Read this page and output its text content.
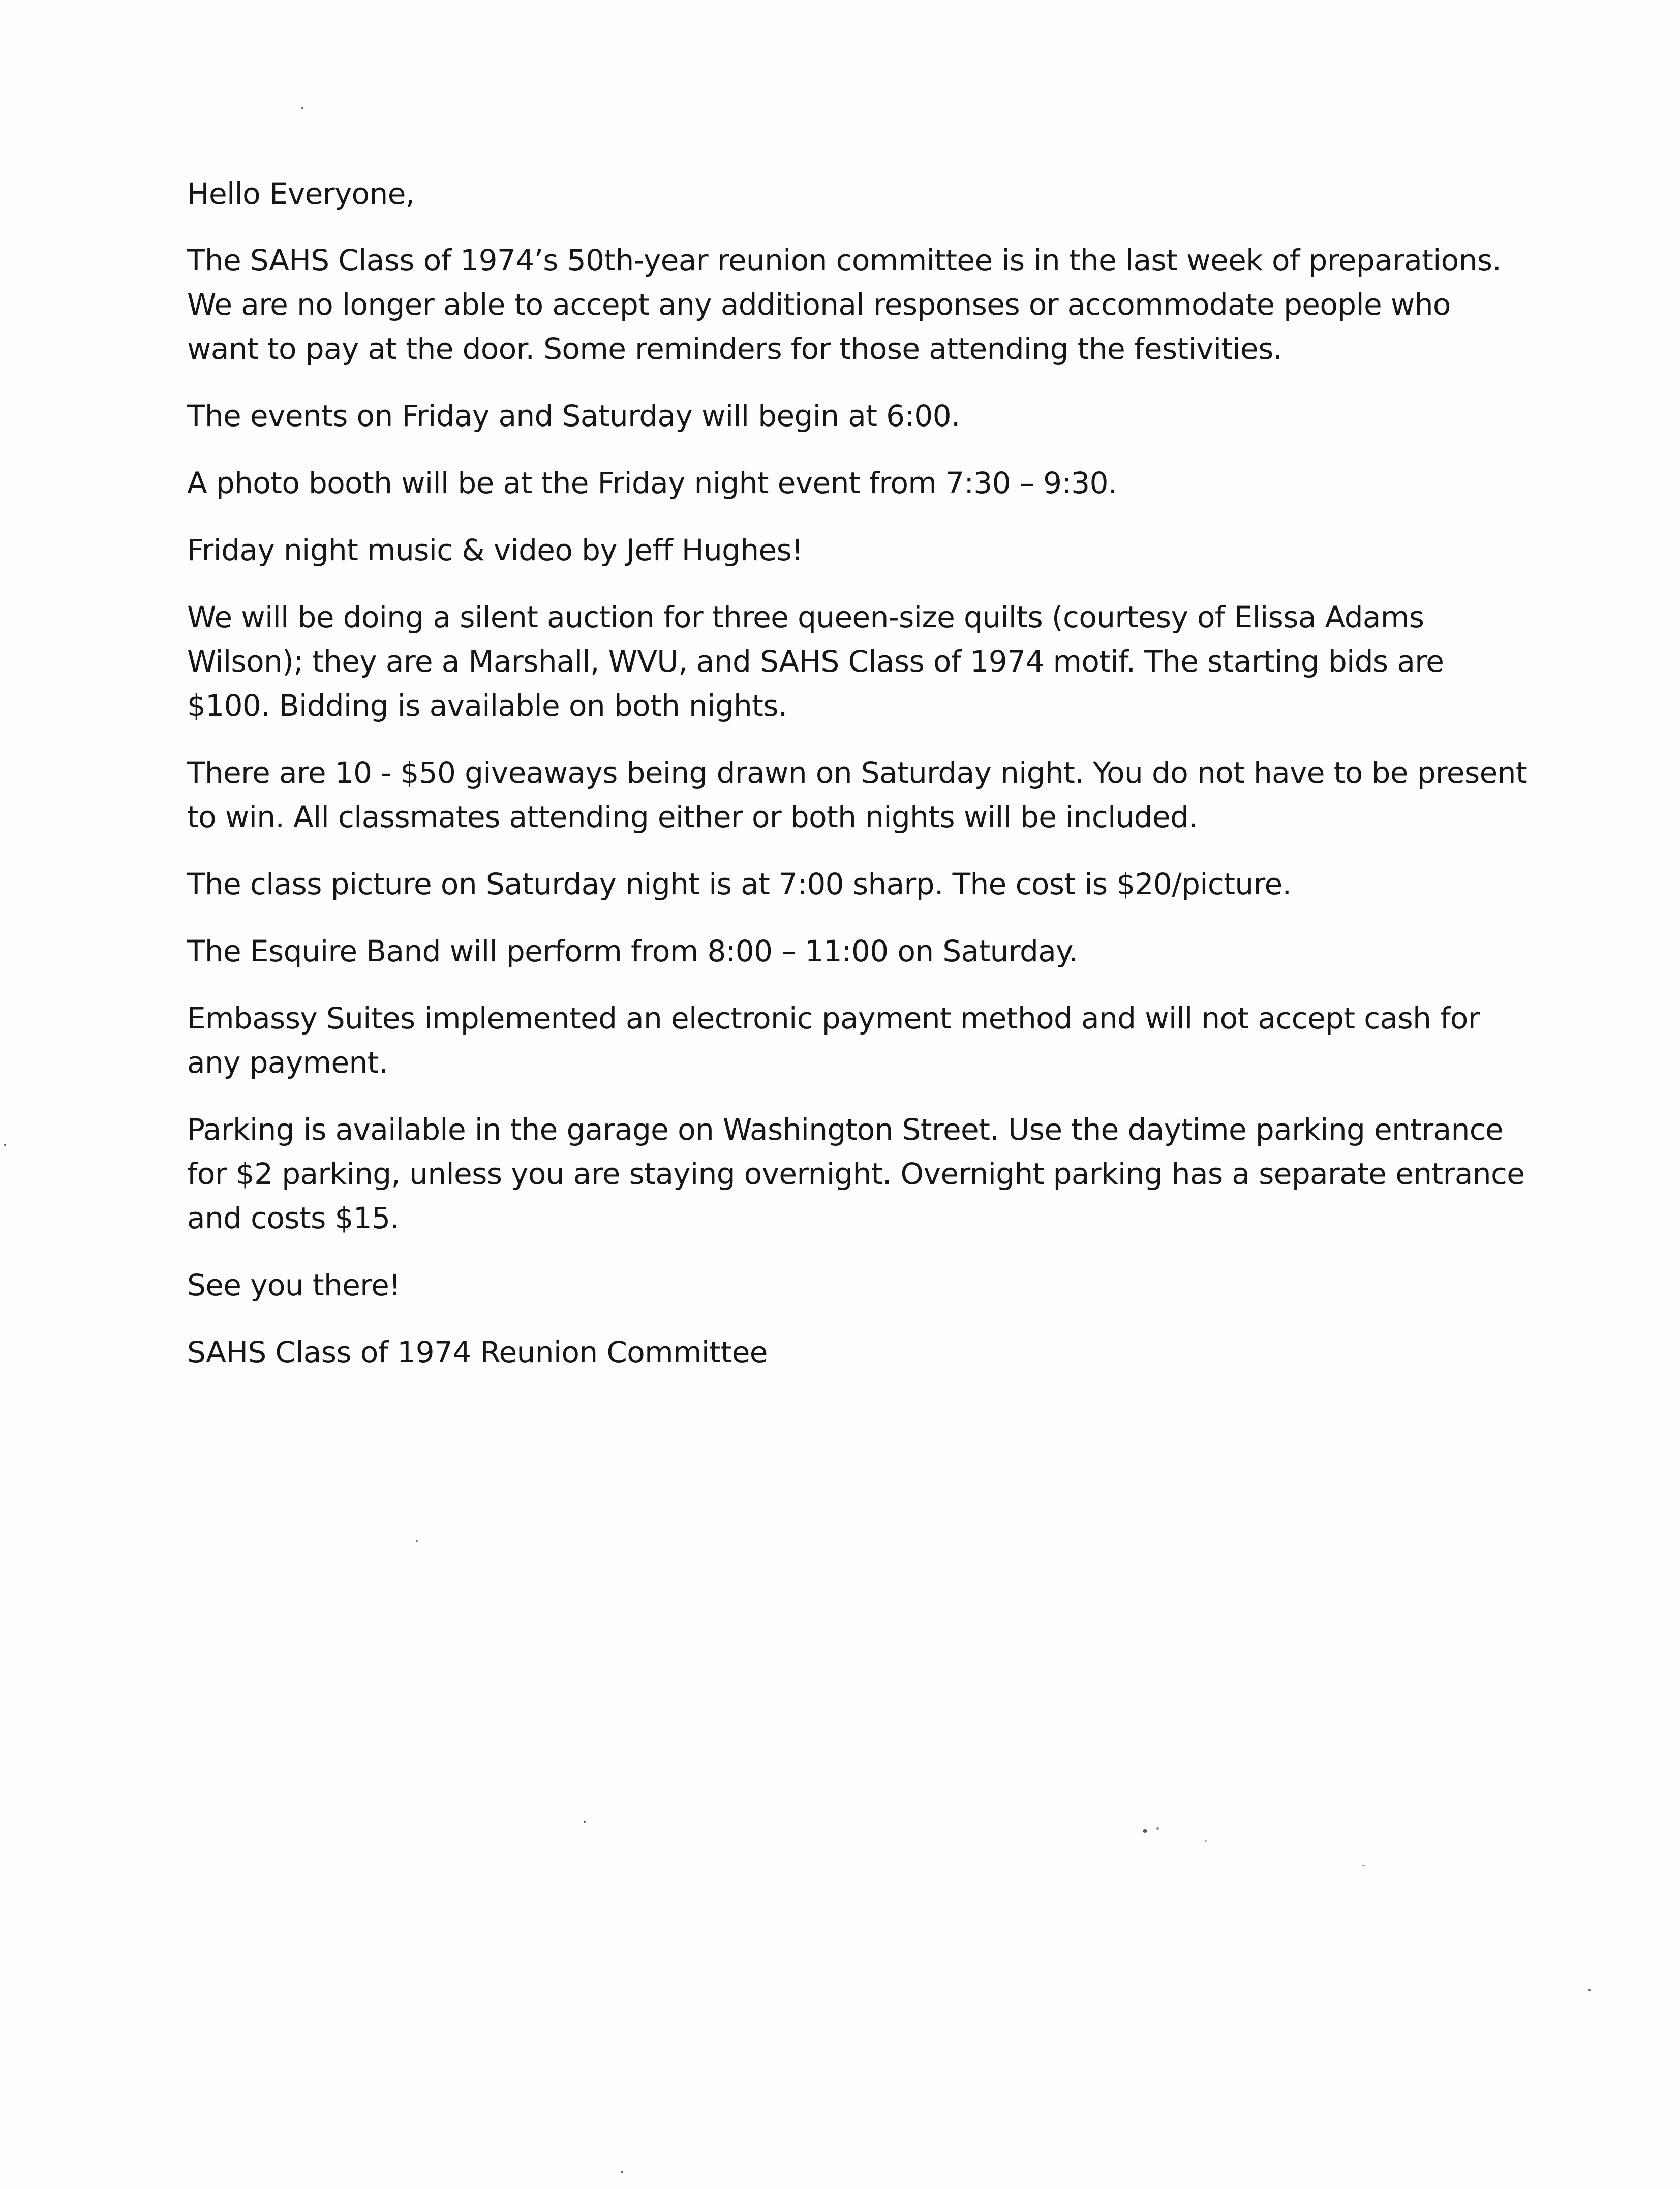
Hello Everyone,

The SAHS Class of 1974’s 50th-year reunion committee is in the last week of preparations. We are no longer able to accept any additional responses or accommodate people who want to pay at the door. Some reminders for those attending the festivities.

The events on Friday and Saturday will begin at 6:00.

A photo booth will be at the Friday night event from 7:30 – 9:30.

Friday night music & video by Jeff Hughes!

We will be doing a silent auction for three queen-size quilts (courtesy of Elissa Adams Wilson); they are a Marshall, WVU, and SAHS Class of 1974 motif. The starting bids are $100. Bidding is available on both nights.

There are 10 - $50 giveaways being drawn on Saturday night. You do not have to be present to win. All classmates attending either or both nights will be included.

The class picture on Saturday night is at 7:00 sharp. The cost is $20/picture.

The Esquire Band will perform from 8:00 – 11:00 on Saturday.

Embassy Suites implemented an electronic payment method and will not accept cash for any payment.

Parking is available in the garage on Washington Street. Use the daytime parking entrance for $2 parking, unless you are staying overnight. Overnight parking has a separate entrance and costs $15.

See you there!

SAHS Class of 1974 Reunion Committee
